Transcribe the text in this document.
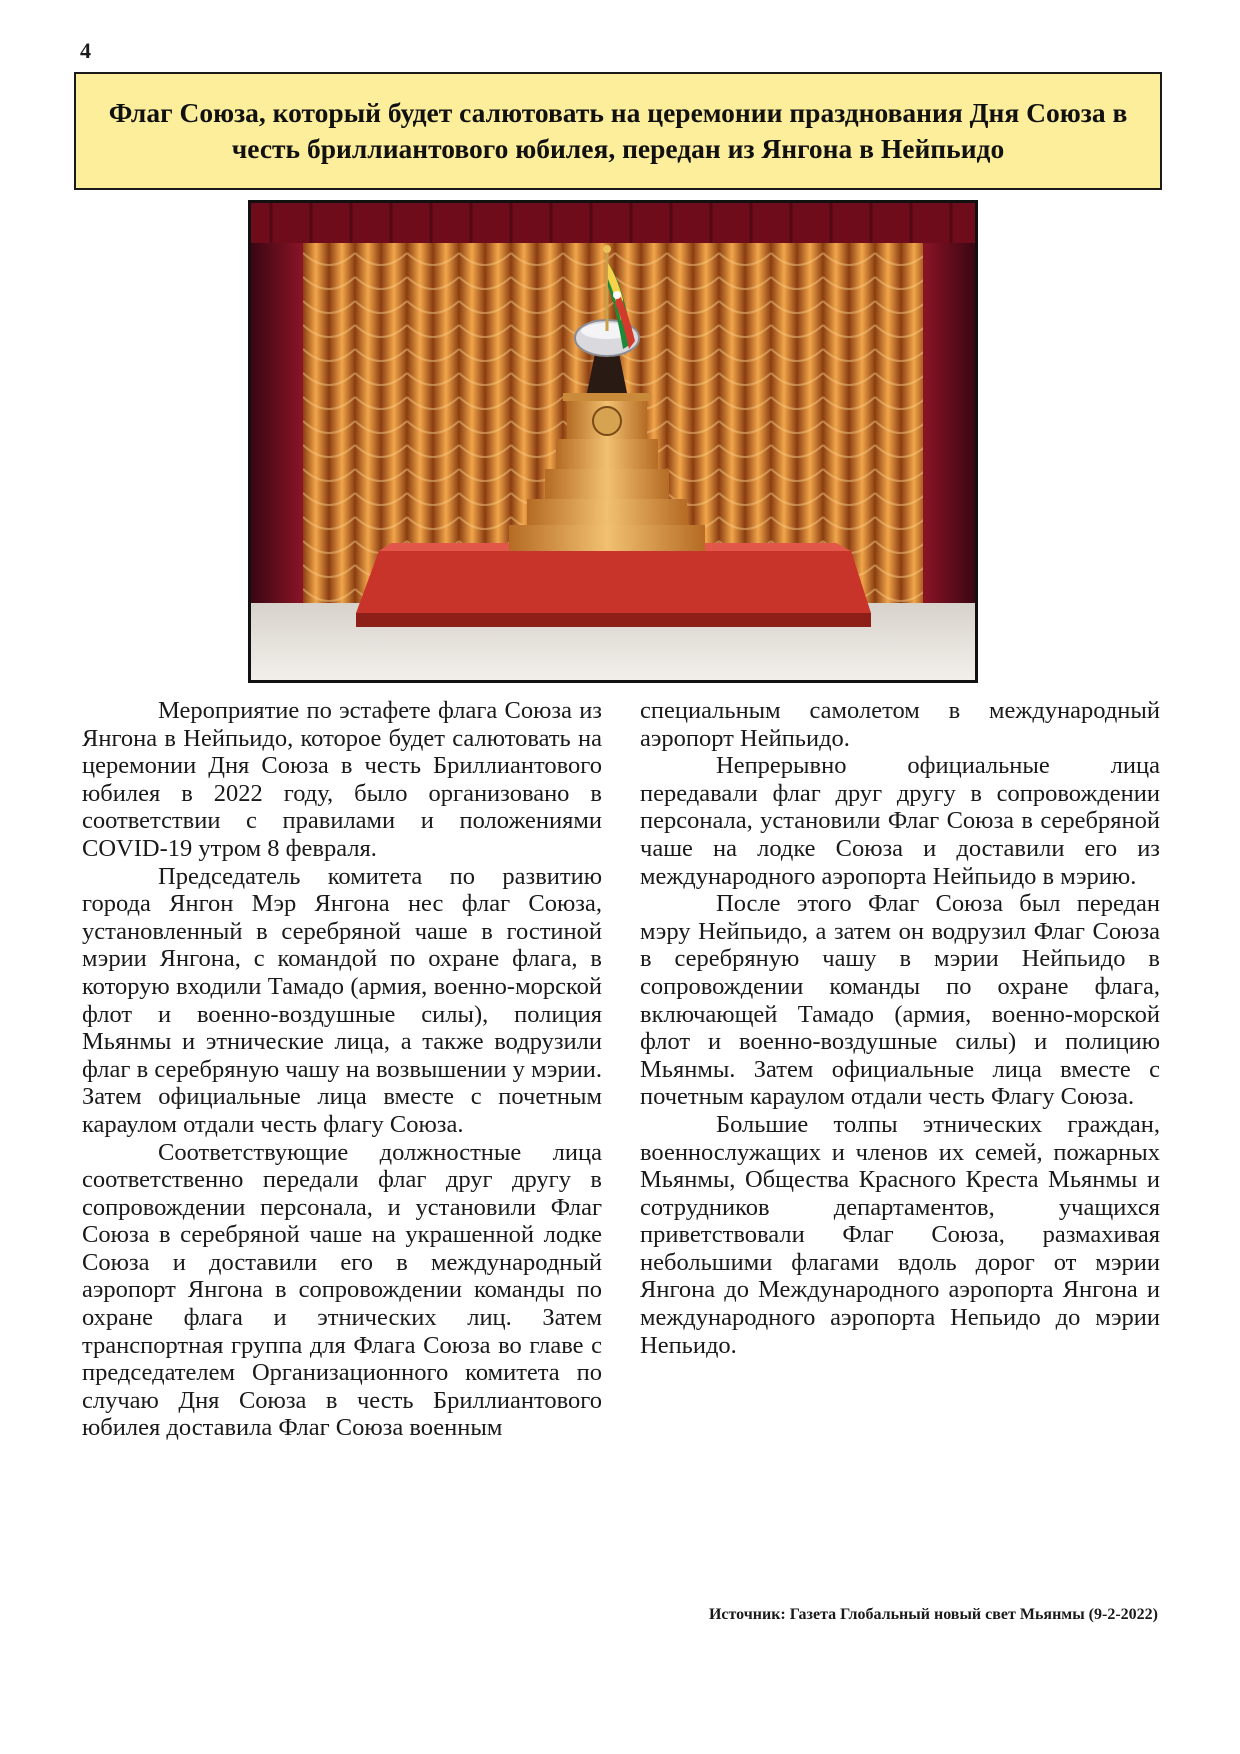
4
Флаг Союза, который будет салютовать на церемонии празднования Дня Союза в честь бриллиантового юбилея, передан из Янгона в Нейпьидо

Мероприятие по эстафете флага Союза из Янгона в Нейпьидо, которое будет салютовать на церемонии Дня Союза в честь Бриллиантового юбилея в 2022 году, было организовано в соответствии с правилами и положениями COVID-19 утром 8 февраля.

Председатель комитета по развитию города Янгон Мэр Янгона нес флаг Союза, установленный в серебряной чаше в гостиной мэрии Янгона, с командой по охране флага, в которую входили Тамадо (армия, военно-морской флот и военно-воздушные силы), полиция Мьянмы и этнические лица, а также водрузили флаг в серебряную чашу на возвышении у мэрии. Затем официальные лица вместе с почетным караулом отдали честь флагу Союза.

Соответствующие должностные лица соответственно передали флаг друг другу в сопровождении персонала, и установили Флаг Союза в серебряной чаше на украшенной лодке Союза и доставили его в международный аэропорт Янгона в сопровождении команды по охране флага и этнических лиц. Затем транспортная группа для Флага Союза во главе с председателем Организационного комитета по случаю Дня Союза в честь Бриллиантового юбилея доставила Флаг Союза военным

специальным самолетом в международный аэропорт Нейпьидо.

Непрерывно официальные лица передавали флаг друг другу в сопровождении персонала, установили Флаг Союза в серебряной чаше на лодке Союза и доставили его из международного аэропорта Нейпьидо в мэрию.

После этого Флаг Союза был передан мэру Нейпьидо, а затем он водрузил Флаг Союза в серебряную чашу в мэрии Нейпьидо в сопровождении команды по охране флага, включающей Тамадо (армия, военно-морской флот и военно-воздушные силы) и полицию Мьянмы. Затем официальные лица вместе с почетным караулом отдали честь Флагу Союза.

Большие толпы этнических граждан, военнослужащих и членов их семей, пожарных Мьянмы, Общества Красного Креста Мьянмы и сотрудников департаментов, учащихся приветствовали Флаг Союза, размахивая небольшими флагами вдоль дорог от мэрии Янгона до Международного аэропорта Янгона и международного аэропорта Непьидо до мэрии Непьидо.

Источник: Газета Глобальный новый свет Мьянмы (9-2-2022)
